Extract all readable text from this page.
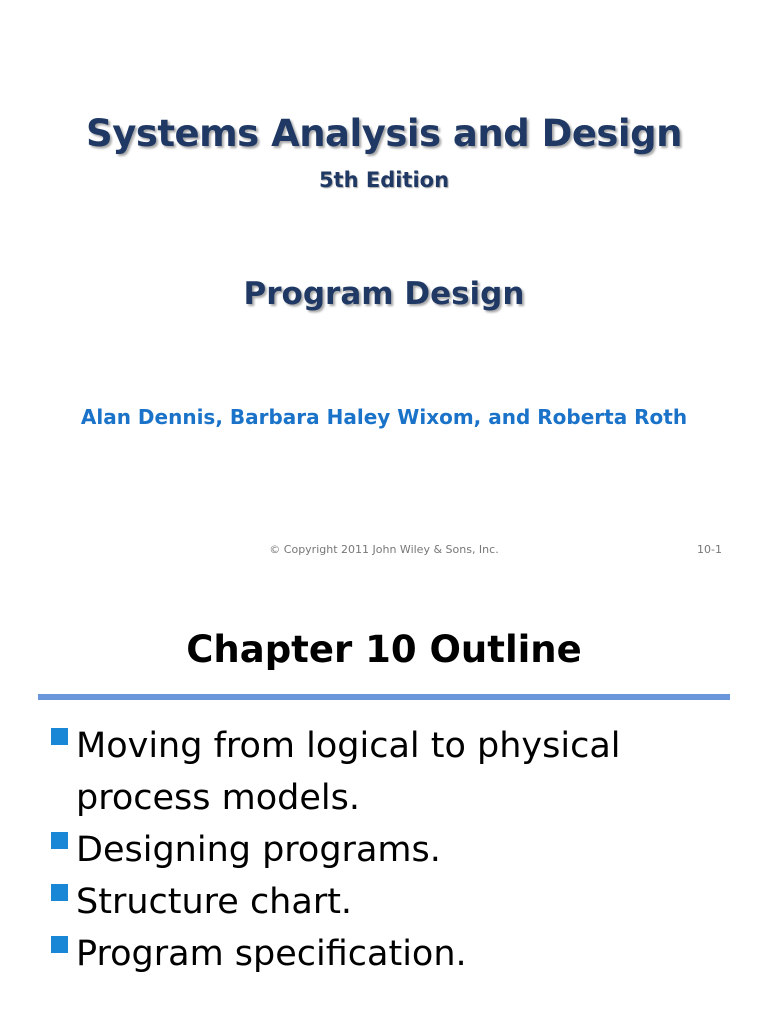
Systems Analysis and Design
5th Edition
Program Design
Alan Dennis, Barbara Haley Wixom, and Roberta Roth
© Copyright 2011 John Wiley & Sons, Inc.	10-1
Chapter 10 Outline
Moving from logical to physical process models.
Designing programs.
Structure chart.
Program specification.
